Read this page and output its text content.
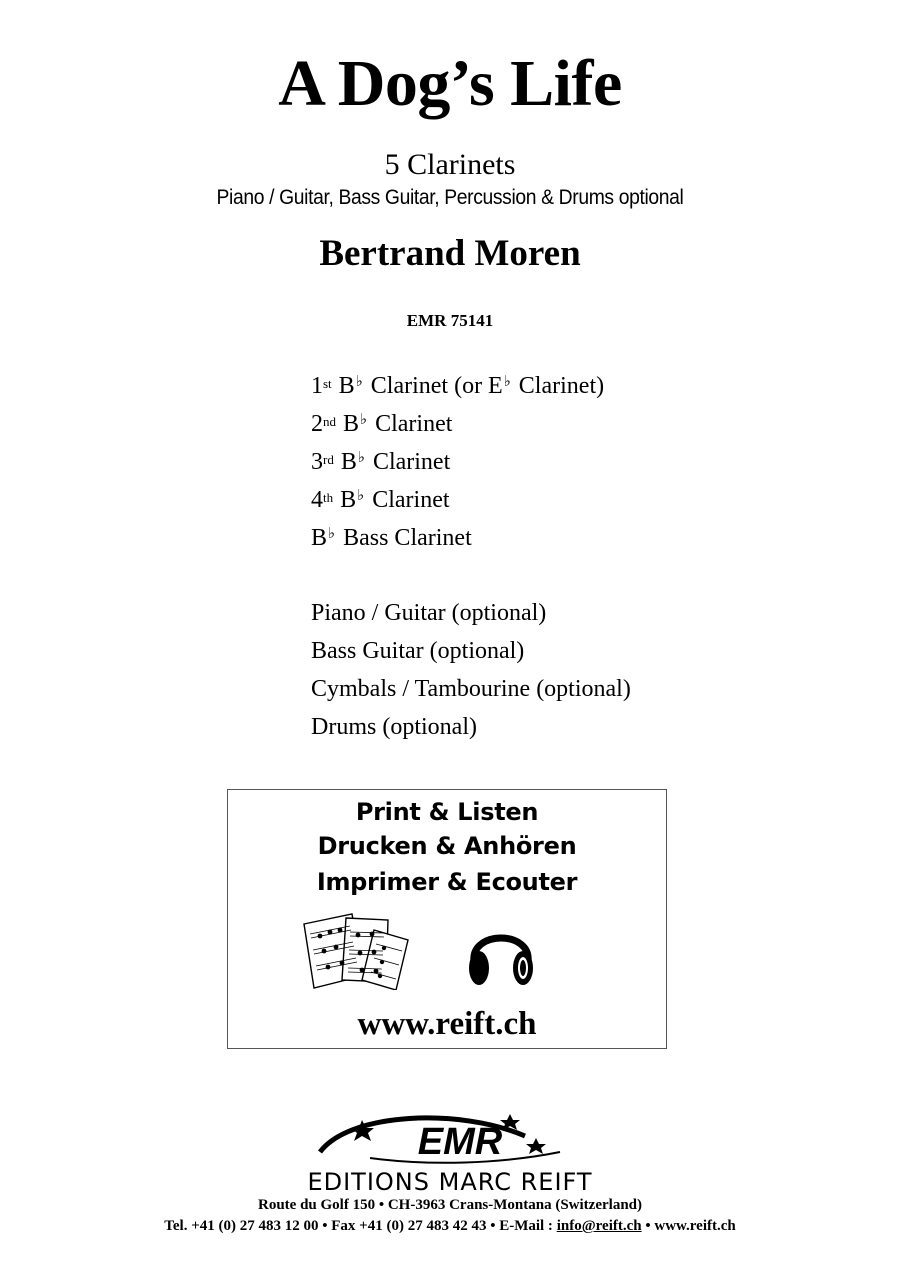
A Dog’s Life
5 Clarinets
Piano / Guitar, Bass Guitar, Percussion & Drums optional
Bertrand Moren
EMR 75141
1st B♭ Clarinet (or E♭ Clarinet)
2nd B♭ Clarinet
3rd B♭ Clarinet
4th B♭ Clarinet
B♭ Bass Clarinet
Piano / Guitar (optional)
Bass Guitar (optional)
Cymbals / Tambourine (optional)
Drums (optional)
Print & Listen
Drucken & Anhören
Imprimer & Ecouter
www.reift.ch
EMR
EDITIONS MARC REIFT
Route du Golf 150 • CH-3963 Crans-Montana (Switzerland)
Tel. +41 (0) 27 483 12 00 • Fax +41 (0) 27 483 42 43 • E-Mail : info@reift.ch • www.reift.ch
